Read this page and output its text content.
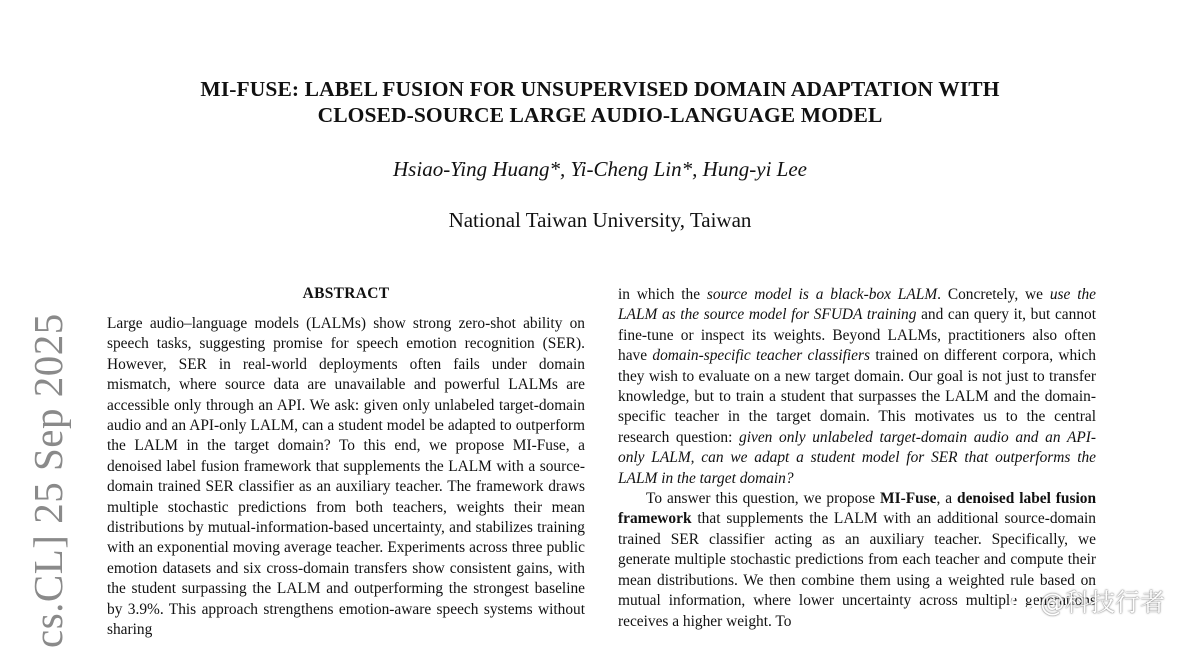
MI-FUSE: LABEL FUSION FOR UNSUPERVISED DOMAIN ADAPTATION WITH
CLOSED-SOURCE LARGE AUDIO-LANGUAGE MODEL
Hsiao-Ying Huang*, Yi-Cheng Lin*, Hung-yi Lee
National Taiwan University, Taiwan
cs.CL] 25 Sep 2025
ABSTRACT

Large audio–language models (LALMs) show strong zero-shot ability on speech tasks, suggesting promise for speech emotion recognition (SER). However, SER in real-world deployments often fails under domain mismatch, where source data are unavailable and powerful LALMs are accessible only through an API. We ask: given only unlabeled target-domain audio and an API-only LALM, can a student model be adapted to outperform the LALM in the target domain? To this end, we propose MI-Fuse, a denoised label fusion framework that supplements the LALM with a source-domain trained SER classifier as an auxiliary teacher. The framework draws multiple stochastic predictions from both teachers, weights their mean distributions by mutual-information-based uncertainty, and stabilizes training with an exponential moving average teacher. Experiments across three public emotion datasets and six cross-domain transfers show consistent gains, with the student surpassing the LALM and outperforming the strongest baseline by 3.9%. This approach strengthens emotion-aware speech systems without sharing

in which the source model is a black-box LALM. Concretely, we use the LALM as the source model for SFUDA training and can query it, but cannot fine-tune or inspect its weights. Beyond LALMs, practitioners also often have domain-specific teacher classifiers trained on different corpora, which they wish to evaluate on a new target domain. Our goal is not just to transfer knowledge, but to train a student that surpasses the LALM and the domain-specific teacher in the target domain. This motivates us to the central research question: given only unlabeled target-domain audio and an API-only LALM, can we adapt a student model for SER that outperforms the LALM in the target domain?

To answer this question, we propose MI-Fuse, a denoised label fusion framework that supplements the LALM with an additional source-domain trained SER classifier acting as an auxiliary teacher. Specifically, we generate multiple stochastic predictions from each teacher and compute their mean distributions. We then combine them using a weighted rule based on mutual information, where lower uncertainty across multiple generations receives a higher weight. To

@科技行者
